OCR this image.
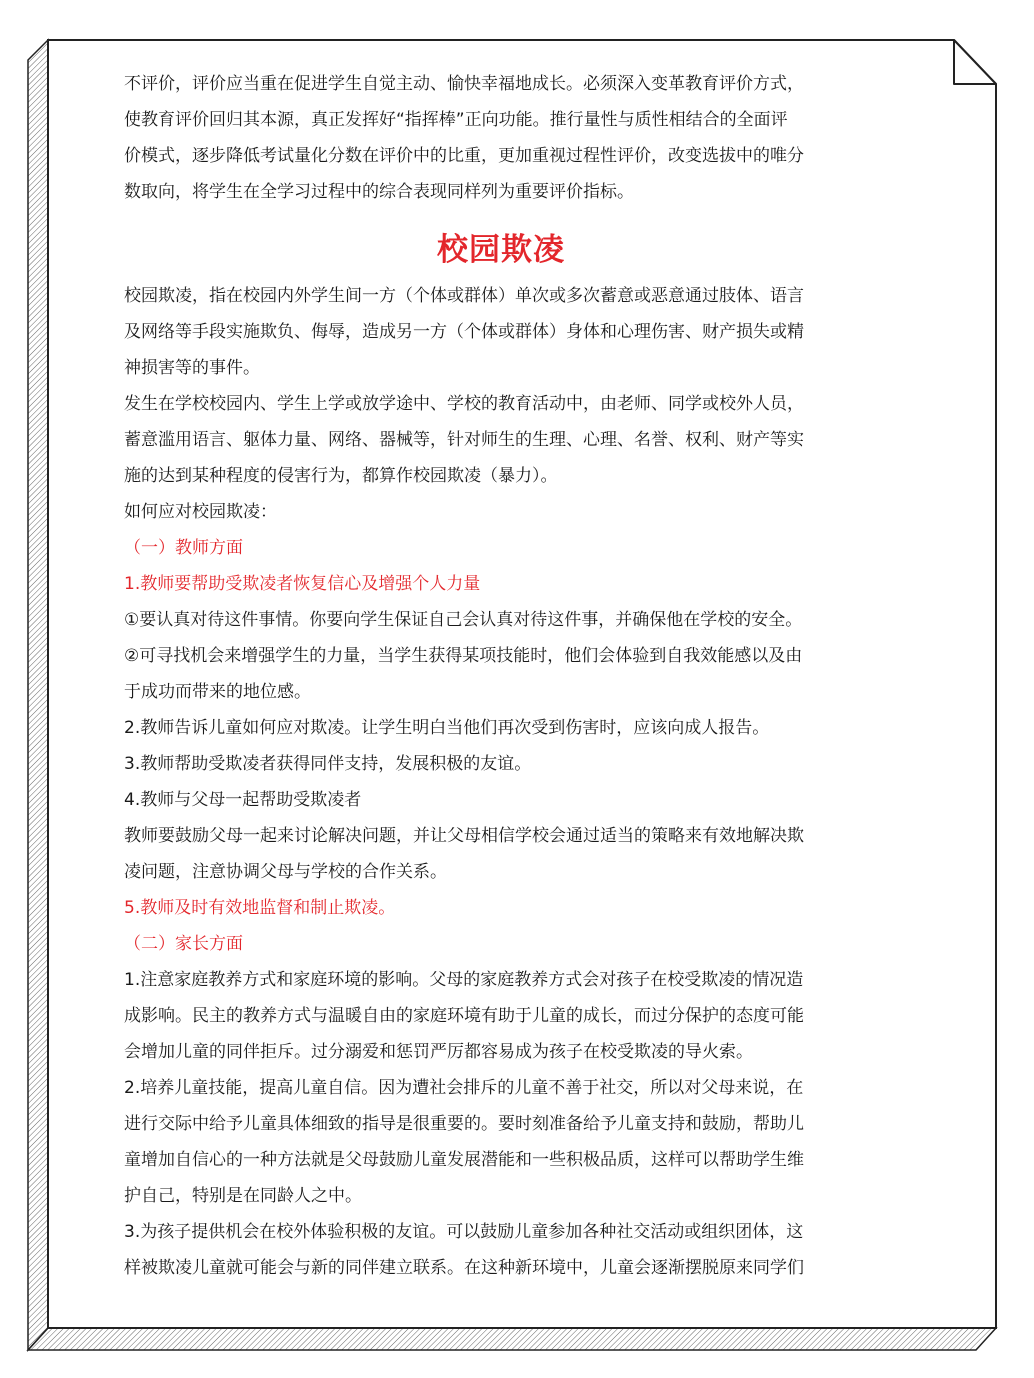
不评价，评价应当重在促进学生自觉主动、愉快幸福地成长。必须深入变革教育评价方式，

使教育评价回归其本源，真正发挥好“指挥棒”正向功能。推行量性与质性相结合的全面评

价模式，逐步降低考试量化分数在评价中的比重，更加重视过程性评价，改变选拔中的唯分

数取向，将学生在全学习过程中的综合表现同样列为重要评价指标。

校园欺凌

校园欺凌，指在校园内外学生间一方（个体或群体）单次或多次蓄意或恶意通过肢体、语言

及网络等手段实施欺负、侮辱，造成另一方（个体或群体）身体和心理伤害、财产损失或精

神损害等的事件。

发生在学校校园内、学生上学或放学途中、学校的教育活动中，由老师、同学或校外人员，

蓄意滥用语言、躯体力量、网络、器械等，针对师生的生理、心理、名誉、权利、财产等实

施的达到某种程度的侵害行为，都算作校园欺凌（暴力）。

如何应对校园欺凌：

（一）教师方面

1.教师要帮助受欺凌者恢复信心及增强个人力量

①要认真对待这件事情。你要向学生保证自己会认真对待这件事，并确保他在学校的安全。

②可寻找机会来增强学生的力量，当学生获得某项技能时，他们会体验到自我效能感以及由

于成功而带来的地位感。

2.教师告诉儿童如何应对欺凌。让学生明白当他们再次受到伤害时，应该向成人报告。

3.教师帮助受欺凌者获得同伴支持，发展积极的友谊。

4.教师与父母一起帮助受欺凌者

教师要鼓励父母一起来讨论解决问题，并让父母相信学校会通过适当的策略来有效地解决欺

凌问题，注意协调父母与学校的合作关系。

5.教师及时有效地监督和制止欺凌。

（二）家长方面

1.注意家庭教养方式和家庭环境的影响。父母的家庭教养方式会对孩子在校受欺凌的情况造

成影响。民主的教养方式与温暖自由的家庭环境有助于儿童的成长，而过分保护的态度可能

会增加儿童的同伴拒斥。过分溺爱和惩罚严厉都容易成为孩子在校受欺凌的导火索。

2.培养儿童技能，提高儿童自信。因为遭社会排斥的儿童不善于社交，所以对父母来说，在

进行交际中给予儿童具体细致的指导是很重要的。要时刻准备给予儿童支持和鼓励，帮助儿

童增加自信心的一种方法就是父母鼓励儿童发展潜能和一些积极品质，这样可以帮助学生维

护自己，特别是在同龄人之中。

3.为孩子提供机会在校外体验积极的友谊。可以鼓励儿童参加各种社交活动或组织团体，这

样被欺凌儿童就可能会与新的同伴建立联系。在这种新环境中，儿童会逐渐摆脱原来同学们
